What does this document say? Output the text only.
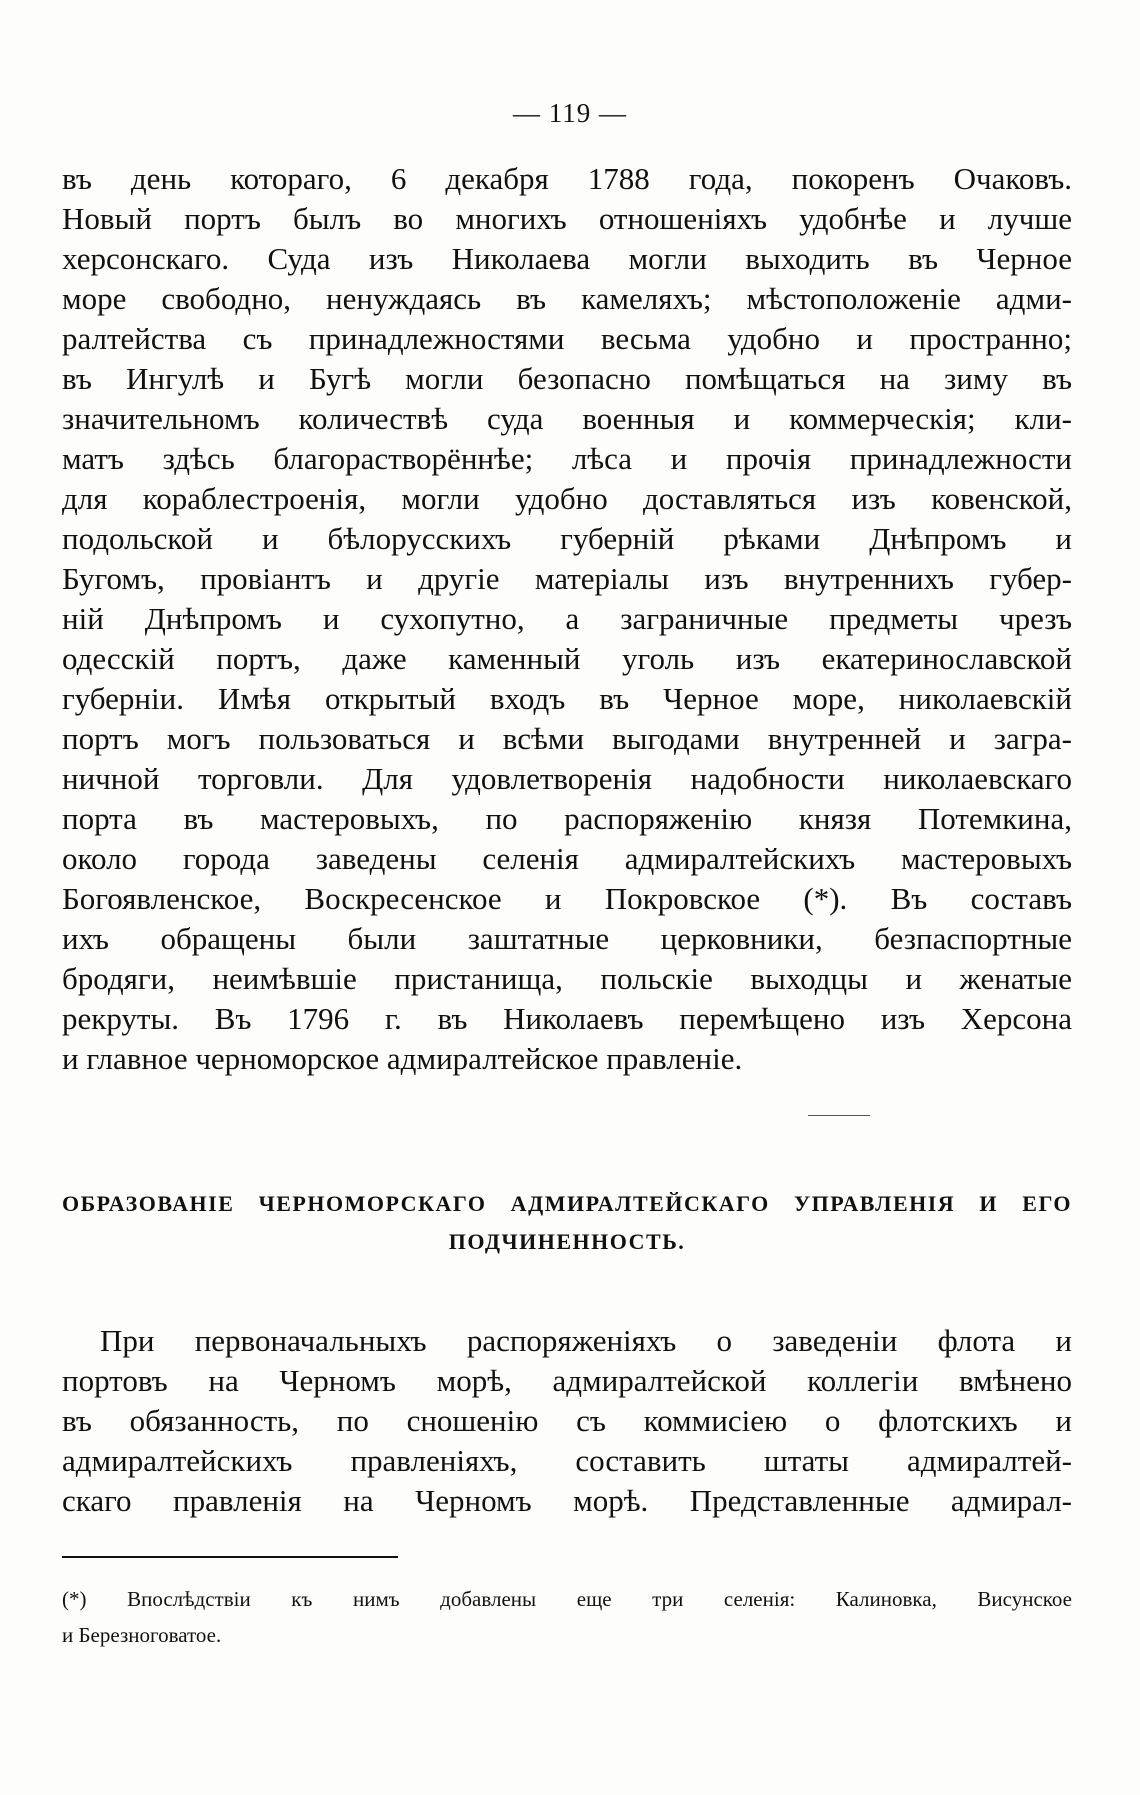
— 119 —
въ день котораго, 6 декабря 1788 года, покоренъ Очаковъ.
Новый портъ былъ во многихъ отношеніяхъ удобнѣе и лучше
херсонскаго. Суда изъ Николаева могли выходить въ Черное
море свободно, ненуждаясь въ камеляхъ; мѣстоположеніе адми-
ралтейства съ принадлежностями весьма удобно и пространно;
въ Ингулѣ и Бугѣ могли безопасно помѣщаться на зиму въ
значительномъ количествѣ суда военныя и коммерческія; кли-
матъ здѣсь благорастворённѣе; лѣса и прочія принадлежности
для кораблестроенія, могли удобно доставляться изъ ковенской,
подольской и бѣлорусскихъ губерній рѣками Днѣпромъ и
Бугомъ, провіантъ и другіе матеріалы изъ внутреннихъ губер-
ній Днѣпромъ и сухопутно, а заграничные предметы чрезъ
одесскій портъ, даже каменный уголь изъ екатеринославской
губерніи. Имѣя открытый входъ въ Черное море, николаевскій
портъ могъ пользоваться и всѣми выгодами внутренней и загра-
ничной торговли. Для удовлетворенія надобности николаевскаго
порта въ мастеровыхъ, по распоряженію князя Потемкина,
около города заведены селенія адмиралтейскихъ мастеровыхъ
Богоявленское, Воскресенское и Покровское (*). Въ составъ
ихъ обращены были заштатные церковники, безпаспортные
бродяги, неимѣвшіе пристанища, польскіе выходцы и женатые
рекруты. Въ 1796 г. въ Николаевъ перемѣщено изъ Херсона
и главное черноморское адмиралтейское правленіе.
ОБРАЗОВАНІЕ ЧЕРНОМОРСКАГО АДМИРАЛТЕЙСКАГО УПРАВЛЕНІЯ И ЕГО
ПОДЧИНЕННОСТЬ.
При первоначальныхъ распоряженіяхъ о заведеніи флота и
портовъ на Черномъ морѣ, адмиралтейской коллегіи вмѣнено
въ обязанность, по сношенію съ коммисіею о флотскихъ и
адмиралтейскихъ правленіяхъ, составить штаты адмиралтей-
скаго правленія на Черномъ морѣ. Представленные адмирал-
(*) Впослѣдствіи къ нимъ добавлены еще три селенія: Калиновка, Висунское
и Березноговатое.
